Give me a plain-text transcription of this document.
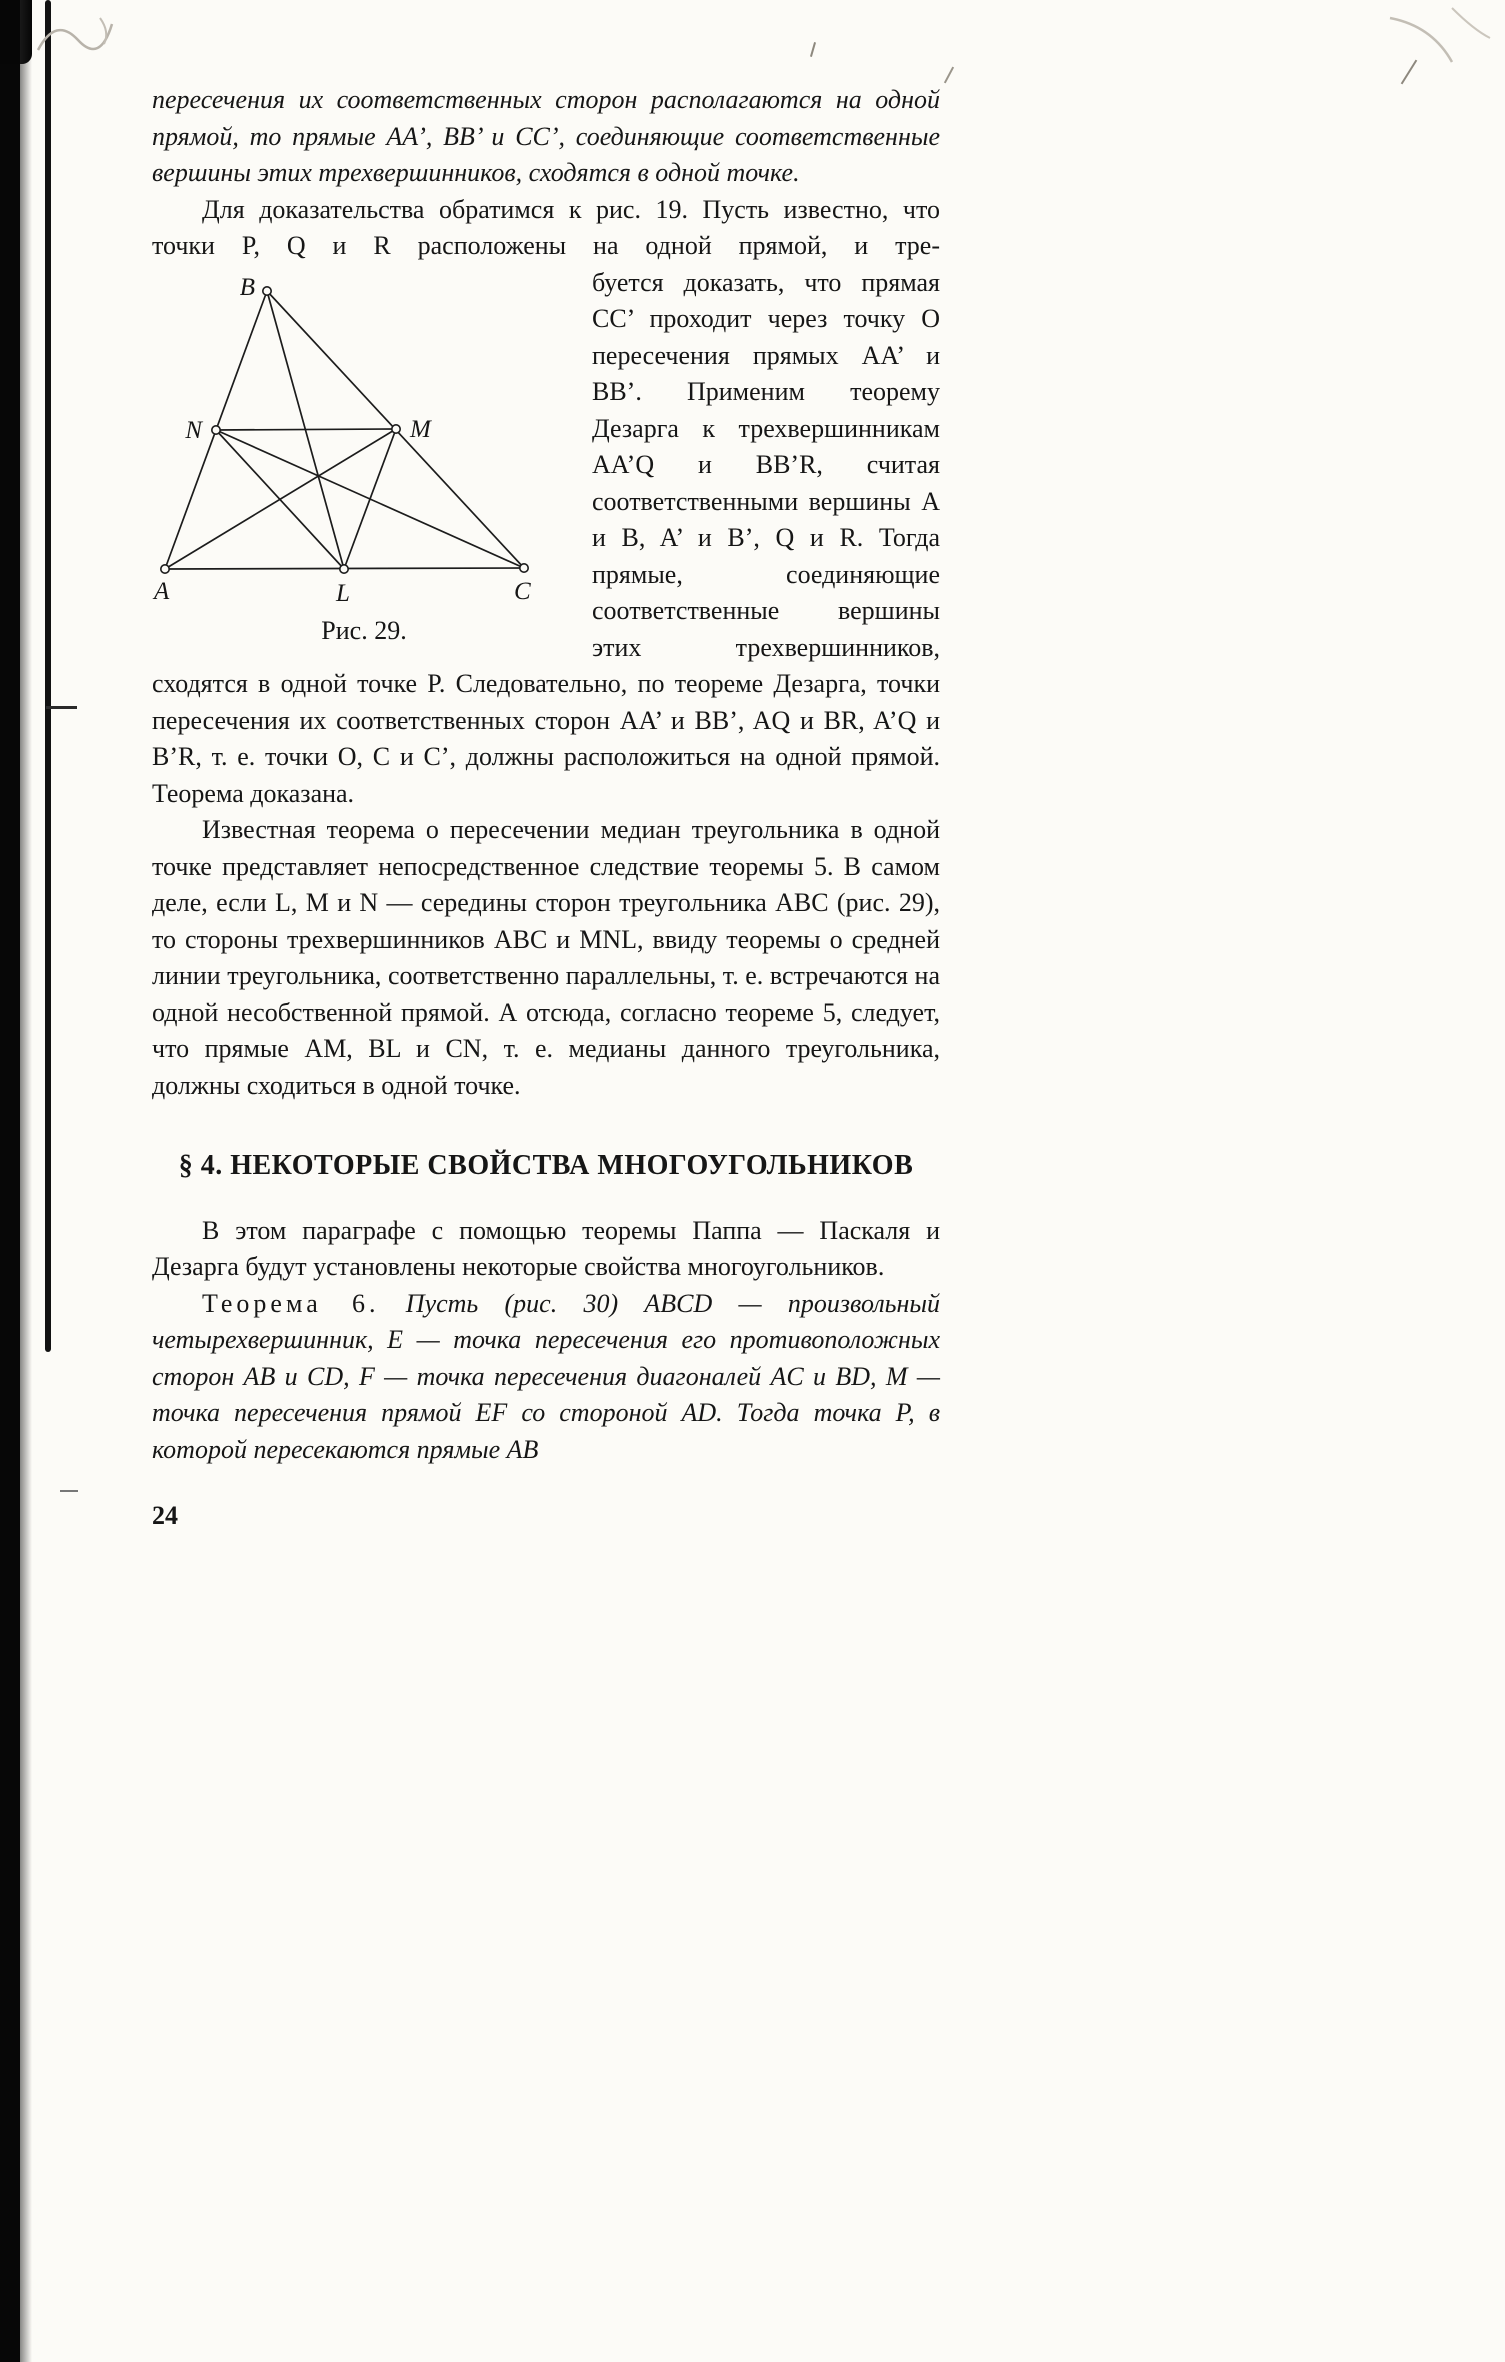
пересечения их соответственных сторон располагаются на одной прямой, то прямые AA’, BB’ и CC’, соединяющие соответственные вершины этих трехвершинников, сходятся в одной точке.

Для доказательства обратимся к рис. 19. Пусть известно, что точки P, Q и R расположены на одной прямой, и тре-

B
N	M
A	L	C
Рис. 29.

буется доказать, что прямая CC’ проходит через точку O пересечения прямых AA’ и BB’. Применим теорему Дезарга к трехвершинникам AA’Q и BB’R, считая соответственными вершины A и B, A’ и B’, Q и R. Тогда прямые, соединяющие соответственные вершины этих трехвершинников, сходятся в одной точке P. Следовательно, по теореме Дезарга, точки пересечения их соответственных сторон AA’ и BB’, AQ и BR, A’Q и B’R, т. е. точки O, C и C’, должны расположиться на одной прямой. Теорема доказана.

Известная теорема о пересечении медиан треугольника в одной точке представляет непосредственное следствие теоремы 5. В самом деле, если L, M и N — середины сторон треугольника ABC (рис. 29), то стороны трехвершинников ABC и MNL, ввиду теоремы о средней линии треугольника, соответственно параллельны, т. е. встречаются на одной несобственной прямой. А отсюда, согласно теореме 5, следует, что прямые AM, BL и CN, т. е. медианы данного треугольника, должны сходиться в одной точке.

§ 4. НЕКОТОРЫЕ СВОЙСТВА МНОГОУГОЛЬНИКОВ

В этом параграфе с помощью теоремы Паппа — Паскаля и Дезарга будут установлены некоторые свойства многоугольников.

Теорема 6. Пусть (рис. 30) ABCD — произвольный четырехвершинник, E — точка пересечения его противоположных сторон AB и CD, F — точка пересечения диагоналей AC и BD, M — точка пересечения прямой EF со стороной AD. Тогда точка P, в которой пересекаются прямые AB

24
